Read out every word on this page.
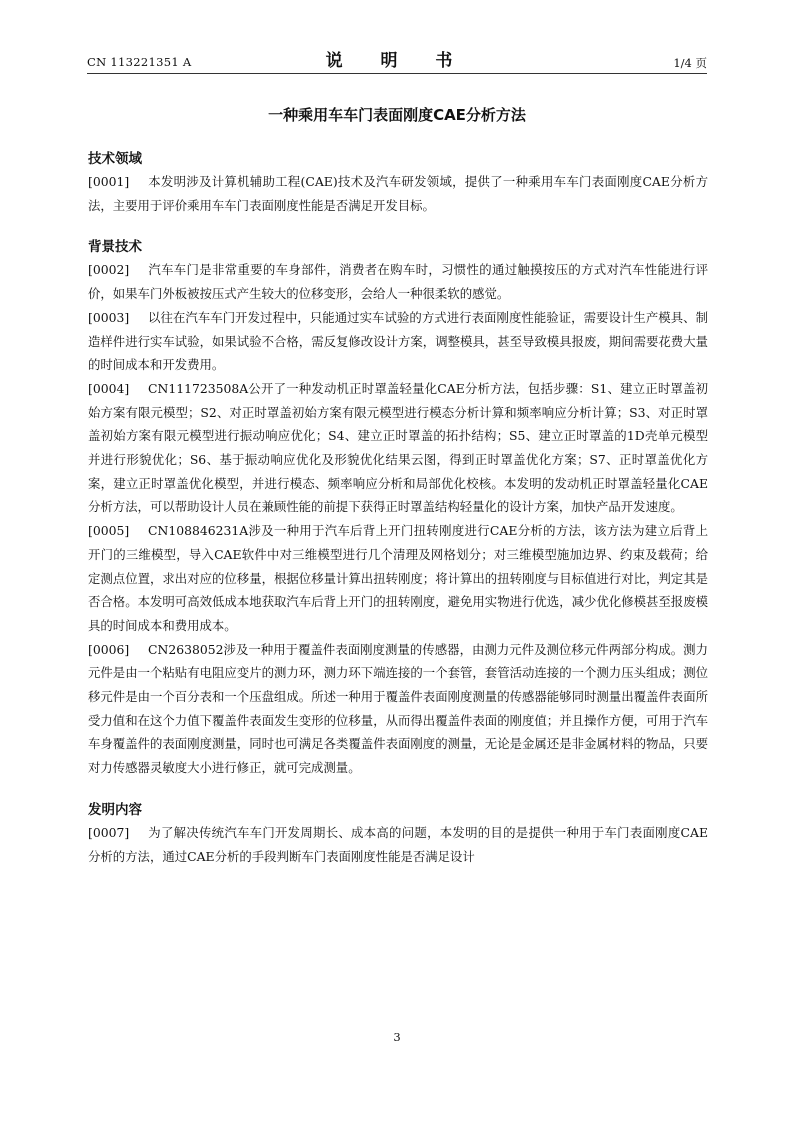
CN 113221351 A	说 明 书	1/4 页
一种乘用车车门表面刚度CAE分析方法
技术领域

[0001] 本发明涉及计算机辅助工程(CAE)技术及汽车研发领域，提供了一种乘用车车门表面刚度CAE分析方法，主要用于评价乘用车车门表面刚度性能是否满足开发目标。

背景技术

[0002] 汽车车门是非常重要的车身部件，消费者在购车时，习惯性的通过触摸按压的方式对汽车性能进行评价，如果车门外板被按压式产生较大的位移变形，会给人一种很柔软的感觉。

[0003] 以往在汽车车门开发过程中，只能通过实车试验的方式进行表面刚度性能验证，需要设计生产模具、制造样件进行实车试验，如果试验不合格，需反复修改设计方案，调整模具，甚至导致模具报废，期间需要花费大量的时间成本和开发费用。

[0004] CN111723508A公开了一种发动机正时罩盖轻量化CAE分析方法，包括步骤：S1、建立正时罩盖初始方案有限元模型；S2、对正时罩盖初始方案有限元模型进行模态分析计算和频率响应分析计算；S3、对正时罩盖初始方案有限元模型进行振动响应优化；S4、建立正时罩盖的拓扑结构；S5、建立正时罩盖的1D壳单元模型并进行形貌优化；S6、基于振动响应优化及形貌优化结果云图，得到正时罩盖优化方案；S7、正时罩盖优化方案，建立正时罩盖优化模型，并进行模态、频率响应分析和局部优化校核。本发明的发动机正时罩盖轻量化CAE分析方法，可以帮助设计人员在兼顾性能的前提下获得正时罩盖结构轻量化的设计方案，加快产品开发速度。

[0005] CN108846231A涉及一种用于汽车后背上开门扭转刚度进行CAE分析的方法，该方法为建立后背上开门的三维模型，导入CAE软件中对三维模型进行几个清理及网格划分；对三维模型施加边界、约束及载荷；给定测点位置，求出对应的位移量，根据位移量计算出扭转刚度；将计算出的扭转刚度与目标值进行对比，判定其是否合格。本发明可高效低成本地获取汽车后背上开门的扭转刚度，避免用实物进行优选，减少优化修模甚至报废模具的时间成本和费用成本。

[0006] CN2638052涉及一种用于覆盖件表面刚度测量的传感器，由测力元件及测位移元件两部分构成。测力元件是由一个粘贴有电阻应变片的测力环，测力环下端连接的一个套管，套管活动连接的一个测力压头组成；测位移元件是由一个百分表和一个压盘组成。所述一种用于覆盖件表面刚度测量的传感器能够同时测量出覆盖件表面所受力值和在这个力值下覆盖件表面发生变形的位移量，从而得出覆盖件表面的刚度值；并且操作方便，可用于汽车车身覆盖件的表面刚度测量，同时也可满足各类覆盖件表面刚度的测量，无论是金属还是非金属材料的物品，只要对力传感器灵敏度大小进行修正，就可完成测量。

发明内容

[0007] 为了解决传统汽车车门开发周期长、成本高的问题，本发明的目的是提供一种用于车门表面刚度CAE分析的方法，通过CAE分析的手段判断车门表面刚度性能是否满足设计

3
